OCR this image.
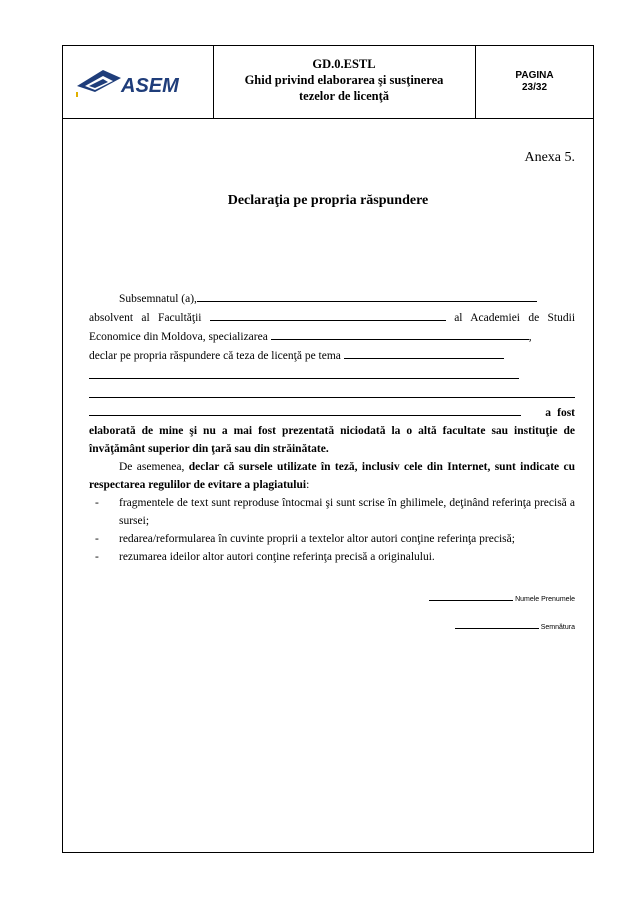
ASEM
GD.0.ESTL
Ghid privind elaborarea şi susţinerea
tezelor de licenţă
PAGINA
23/32
Anexa 5.
Declaraţia pe propria răspundere

Subsemnatul (a),
absolvent al Facultăţii	al Academiei de Studii Economice din Moldova, specializarea	,
declar pe propria răspundere că teza de licenţă pe tema

a fost elaborată de mine şi nu a mai fost prezentată niciodată la o altă facultate sau instituţie de învăţământ superior din ţară sau din străinătate.

De asemenea, declar că sursele utilizate în teză, inclusiv cele din Internet, sunt indicate cu respectarea regulilor de evitare a plagiatului:

- fragmentele de text sunt reproduse întocmai şi sunt scrise în ghilimele, deţinând referinţa precisă a sursei;
- redarea/reformularea în cuvinte proprii a textelor altor autori conţine referinţa precisă;
- rezumarea ideilor altor autori conţine referinţa precisă a originalului.
Numele Prenumele
Semnătura
